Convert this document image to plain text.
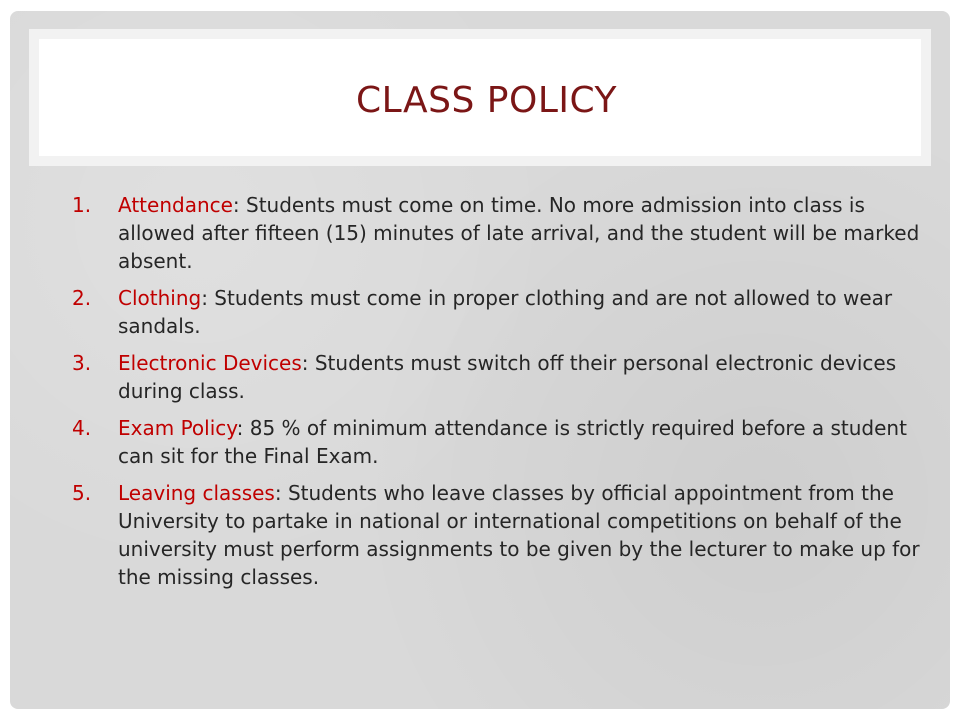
CLASS POLICY
1. Attendance: Students must come on time. No more admission into class is allowed after fifteen (15) minutes of late arrival, and the student will be marked absent.
2. Clothing: Students must come in proper clothing and are not allowed to wear sandals.
3. Electronic Devices: Students must switch off their personal electronic devices during class.
4. Exam Policy: 85 % of minimum attendance is strictly required before a student can sit for the Final Exam.
5. Leaving classes: Students who leave classes by official appointment from the University to partake in national or international competitions on behalf of the university must perform assignments to be given by the lecturer to make up for the missing classes.
